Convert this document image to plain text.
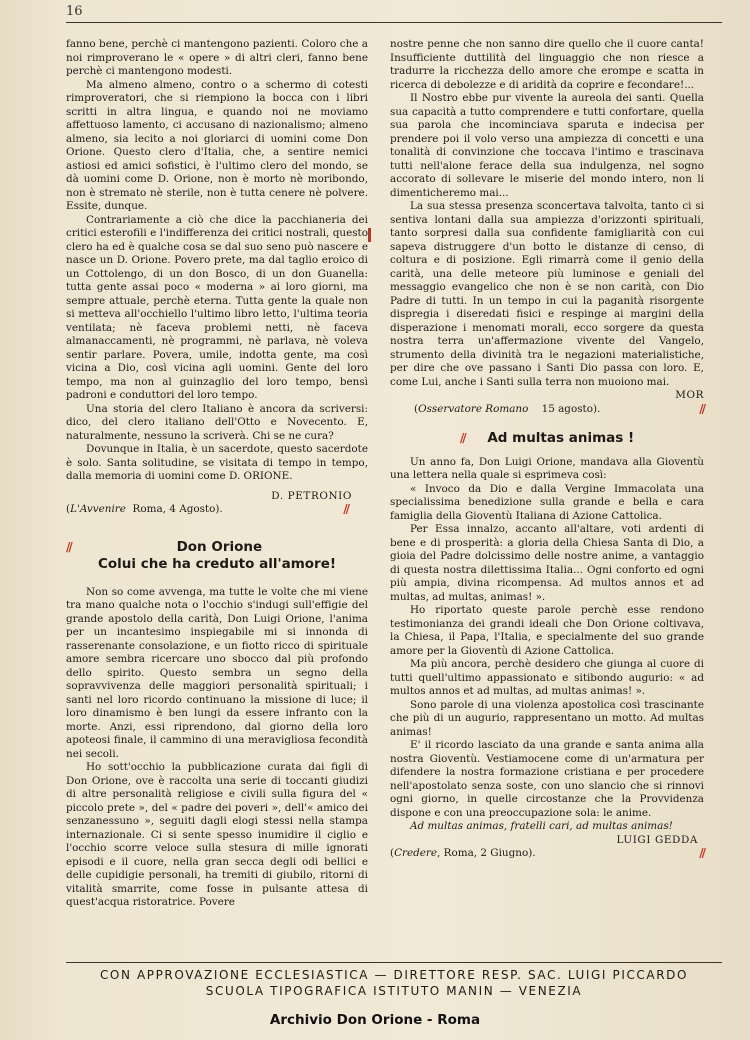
16

fanno bene, perchè ci mantengono pazienti. Coloro che a noi rimproverano le « opere » di altri cleri, fanno bene perchè ci mantengono modesti.

Ma almeno almeno, contro o a schermo di cotesti rimproveratori, che si riempiono la bocca con i libri scritti in altra lingua, e quando noi ne moviamo affettuoso lamento, ci accusano di nazionalismo; almeno almeno, sia lecito a noi gloriarci di uomini come Don Orione. Questo clero d'Italia, che, a sentire nemici astiosi ed amici sofistici, è l'ultimo clero del mondo, se dà uomini come D. Orione, non è morto nè moribondo, non è stremato nè sterile, non è tutta cenere nè polvere. Essite, dunque.

Contrariamente a ciò che dice la pacchianeria dei critici esterofili e l'indifferenza dei critici nostrali, questo clero ha ed è qualche cosa se dal suo seno può nascere e nasce un D. Orione. Povero prete, ma dal taglio eroico di un Cottolengo, di un don Bosco, di un don Guanella: tutta gente assai poco « moderna » ai loro giorni, ma sempre attuale, perchè eterna. Tutta gente la quale non si metteva all'occhiello l'ultimo libro letto, l'ultima teoria ventilata; nè faceva problemi netti, nè faceva almanaccamenti, nè programmi, nè parlava, nè voleva sentir parlare. Povera, umile, indotta gente, ma così vicina a Dio, così vicina agli uomini. Gente del loro tempo, ma non al guinzaglio del loro tempo, bensì padroni e conduttori del loro tempo.

Una storia del clero Italiano è ancora da scriversi: dico, del clero italiano dell'Otto e Novecento. E, naturalmente, nessuno la scriverà. Chi se ne cura?

Dovunque in Italia, è un sacerdote, questo sacerdote è solo. Santa solitudine, se visitata di tempo in tempo, dalla memoria di uomini come D. ORIONE.

D. PETRONIO
(L'Avvenire Roma, 4 Agosto).	//
//	Don Orione
Colui che ha creduto all'amore!

Non so come avvenga, ma tutte le volte che mi viene tra mano qualche nota o l'occhio s'indugi sull'effigie del grande apostolo della carità, Don Luigi Orione, l'anima per un incantesimo inspiegabile mi si innonda di rasserenante consolazione, e un fiotto ricco di spirituale amore sembra ricercare uno sbocco dal più profondo dello spirito. Questo sembra un segno della sopravvivenza delle maggiori personalità spirituali; i santi nel loro ricordo continuano la missione di luce; il loro dinamismo è ben lungi da essere infranto con la morte. Anzi, essi riprendono, dal giorno della loro apoteosi finale, il cammino di una meravigliosa fecondità nei secoli.

Ho sott'occhio la pubblicazione curata dai figli di Don Orione, ove è raccolta una serie di toccanti giudizi di altre personalità religiose e civili sulla figura del « piccolo prete », del « padre dei poveri », dell'« amico dei senzanessuno », seguiti dagli elogi stessi nella stampa internazionale. Ci si sente spesso inumidire il ciglio e l'occhio scorre veloce sulla stesura di mille ignorati episodi e il cuore, nella gran secca degli odi bellici e delle cupidigie personali, ha tremiti di giubilo, ritorni di vitalità smarrite, come fosse in pulsante attesa di quest'acqua ristoratrice. Povere

nostre penne che non sanno dire quello che il cuore canta! Insufficiente duttilità del linguaggio che non riesce a tradurre la ricchezza dello amore che erompe e scatta in ricerca di debolezze e di aridità da coprire e fecondare!...

Il Nostro ebbe pur vivente la aureola dei santi. Quella sua capacità a tutto comprendere e tutti confortare, quella sua parola che incominciava sparuta e indecisa per prendere poi il volo verso una ampiezza di concetti e una tonalità di convinzione che toccava l'intimo e trascinava tutti nell'alone ferace della sua indulgenza, nel sogno accorato di sollevare le miserie del mondo intero, non li dimenticheremo mai...

La sua stessa presenza sconcertava talvolta, tanto ci si sentiva lontani dalla sua ampiezza d'orizzonti spirituali, tanto sorpresi dalla sua confidente famigliarità con cui sapeva distruggere d'un botto le distanze di censo, di coltura e di posizione. Egli rimarrà come il genio della carità, una delle meteore più luminose e geniali del messaggio evangelico che non è se non carità, con Dio Padre di tutti. In un tempo in cui la paganità risorgente dispregia i diseredati fisici e respinge ai margini della disperazione i menomati morali, ecco sorgere da questa nostra terra un'affermazione vivente del Vangelo, strumento della divinità tra le negazioni materialistiche, per dire che ove passano i Santi Dio passa con loro. E, come Lui, anche i Santi sulla terra non muoiono mai.

MOR
(Osservatore Romano 15 agosto).	//
// Ad multas animas !

Un anno fa, Don Luigi Orione, mandava alla Gioventù una lettera nella quale si esprimeva così:

« Invoco da Dio e dalla Vergine Immacolata una specialissima benedizione sulla grande e bella e cara famiglia della Gioventù Italiana di Azione Cattolica.

Per Essa innalzo, accanto all'altare, voti ardenti di bene e di prosperità: a gloria della Chiesa Santa di Dio, a gioia del Padre dolcissimo delle nostre anime, a vantaggio di questa nostra dilettissima Italia... Ogni conforto ed ogni più ampia, divina ricompensa. Ad multos annos et ad multas, ad multas, animas! ».

Ho riportato queste parole perchè esse rendono testimonianza dei grandi ideali che Don Orione coltivava, la Chiesa, il Papa, l'Italia, e specialmente del suo grande amore per la Gioventù di Azione Cattolica.

Ma più ancora, perchè desidero che giunga al cuore di tutti quell'ultimo appassionato e sitibondo augurio: « ad multos annos et ad multas, ad multas animas! ».

Sono parole di una violenza apostolica così trascinante che più di un augurio, rappresentano un motto. Ad multas animas!

E' il ricordo lasciato da una grande e santa anima alla nostra Gioventù. Vestiamocene come di un'armatura per difendere la nostra formazione cristiana e per procedere nell'apostolato senza soste, con uno slancio che si rinnovi ogni giorno, in quelle circostanze che la Provvidenza dispone e con una preoccupazione sola: le anime.

Ad multas animas, fratelli cari, ad multas animas!

LUIGI GEDDA
(Credere, Roma, 2 Giugno).	//
CON APPROVAZIONE ECCLESIASTICA — DIRETTORE RESP. SAC. LUIGI PICCARDO
SCUOLA TIPOGRAFICA ISTITUTO MANIN — VENEZIA
Archivio Don Orione - Roma
